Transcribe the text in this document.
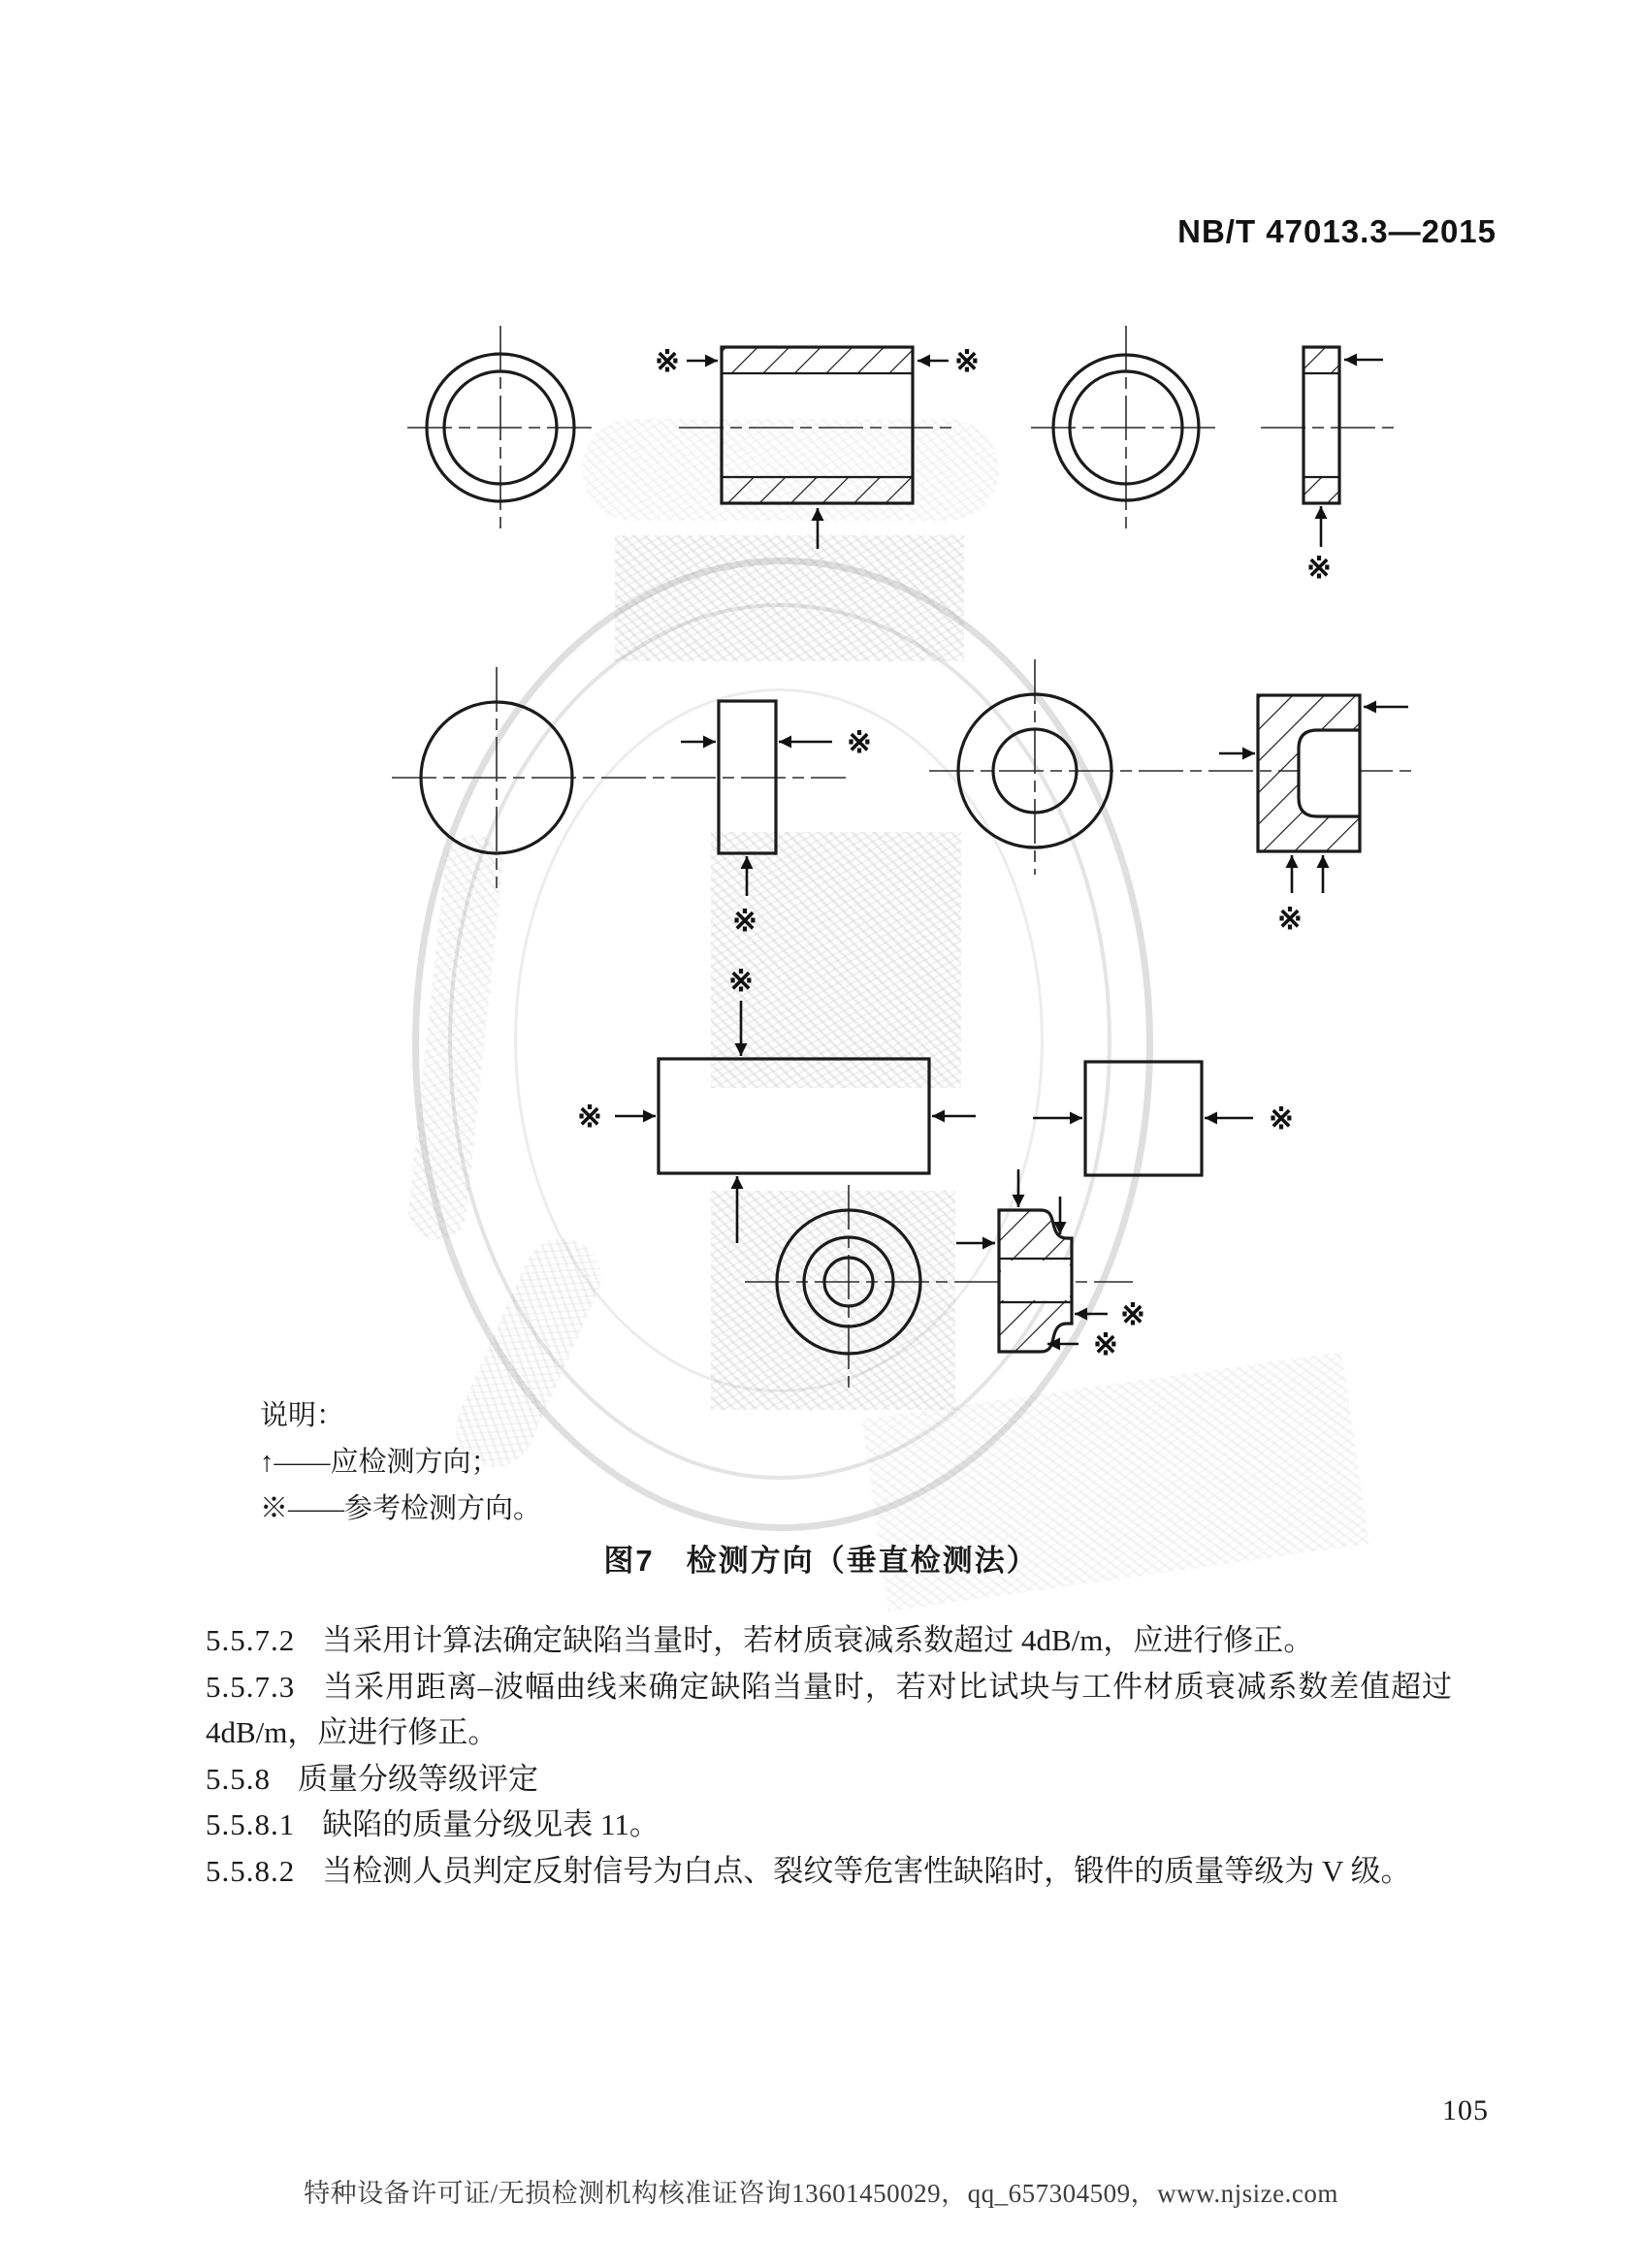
※	※
※
※
※	※
※
※	※
※
※
NB/T 47013.3—2015
说明：
↑——应检测方向；
※——参考检测方向。
图7　检测方向（垂直检测法）

5.5.7.2 当采用计算法确定缺陷当量时，若材质衰减系数超过 4dB/m，应进行修正。

5.5.7.3 当采用距离–波幅曲线来确定缺陷当量时，若对比试块与工件材质衰减系数差值超过 4dB/m，应进行修正。

5.5.8 质量分级等级评定

5.5.8.1 缺陷的质量分级见表 11。

5.5.8.2 当检测人员判定反射信号为白点、裂纹等危害性缺陷时，锻件的质量等级为 V 级。

105
特种设备许可证/无损检测机构核准证咨询13601450029，qq_657304509，www.njsize.com
